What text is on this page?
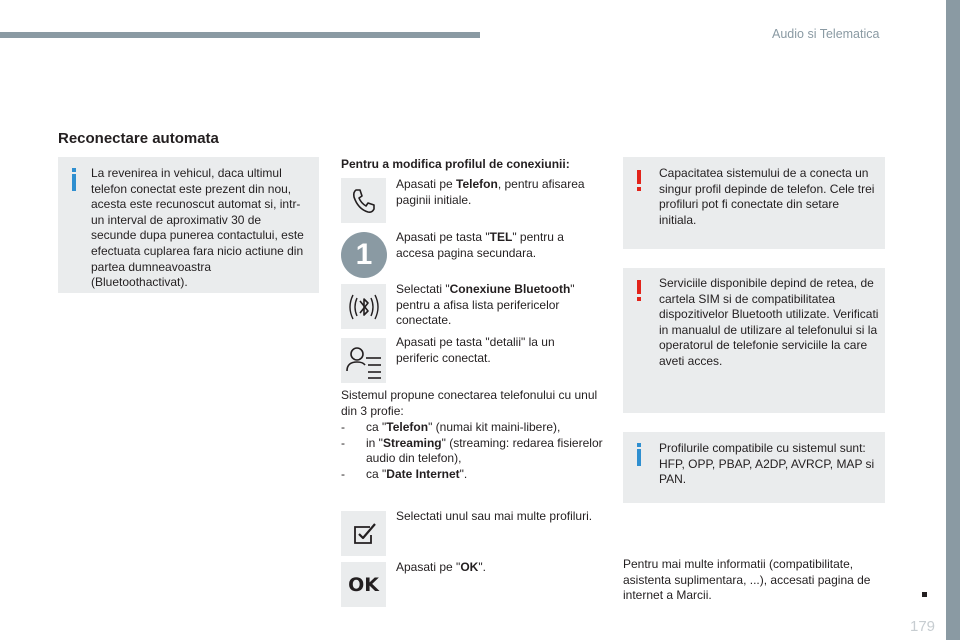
Audio si Telematica
Reconectare automata
La revenirea in vehicul, daca ultimul telefon conectat este prezent din nou, acesta este recunoscut automat si, intr-un interval de aproximativ 30 de secunde dupa punerea contactului, este efectuata cuplarea fara nicio actiune din partea dumneavoastra (Bluetoothactivat).
Pentru a modifica profilul de conexiunii:
Apasati pe Telefon, pentru afisarea paginii initiale.
1
Apasati pe tasta "TEL" pentru a accesa pagina secundara.
Selectati "Conexiune Bluetooth" pentru a afisa lista perifericelor conectate.
Apasati pe tasta "detalii" la un periferic conectat.
Sistemul propune conectarea telefonului cu unul din 3 profie:
-	ca "Telefon" (numai kit maini-libere),
-	in "Streaming" (streaming: redarea fisierelor audio din telefon),
-	ca "Date Internet".
Selectati unul sau mai multe profiluri.
OK
Apasati pe "OK".
Capacitatea sistemului de a conecta un singur profil depinde de telefon. Cele trei profiluri pot fi conectate din setare initiala.
Serviciile disponibile depind de retea, de cartela SIM si de compatibilitatea dispozitivelor Bluetooth utilizate. Verificati in manualul de utilizare al telefonului si la operatorul de telefonie serviciile la care aveti acces.
Profilurile compatibile cu sistemul sunt: HFP, OPP, PBAP, A2DP, AVRCP, MAP si PAN.
Pentru mai multe informatii (compatibilitate, asistenta suplimentara, ...), accesati pagina de internet a Marcii.
179
